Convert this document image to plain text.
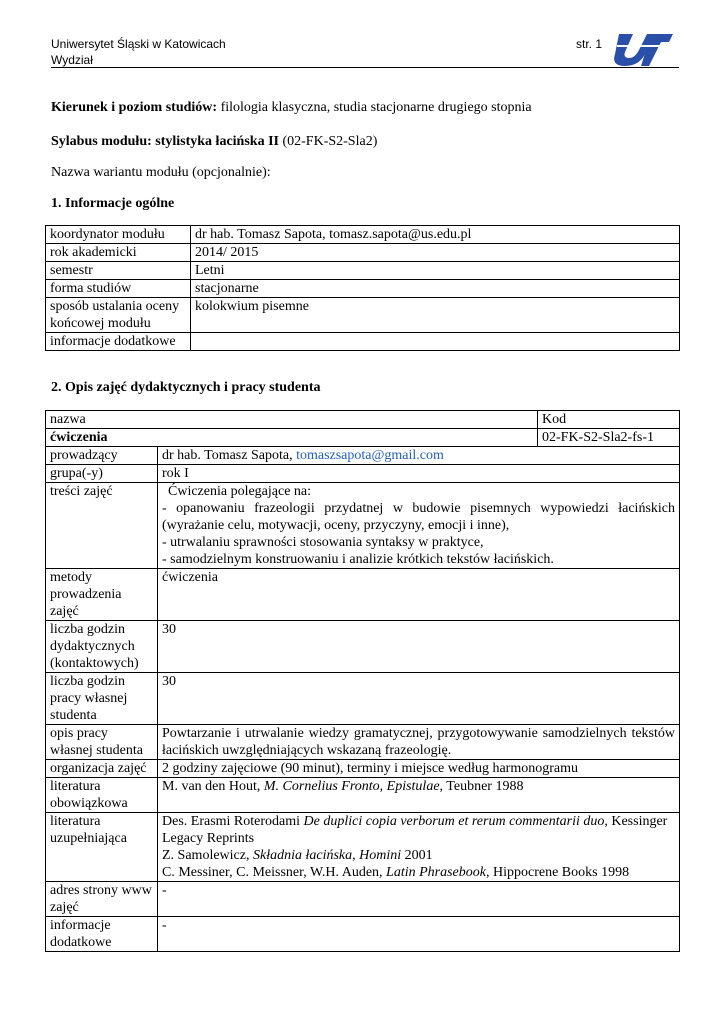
Uniwersytet Śląski w Katowicach
Wydział
str. 1
Kierunek i poziom studiów: filologia klasyczna, studia stacjonarne drugiego stopnia
Sylabus modułu: stylistyka łacińska II (02-FK-S2-Sla2)
Nazwa wariantu modułu (opcjonalnie):
1. Informacje ogólne
koordynator modułu	dr hab. Tomasz Sapota, tomasz.sapota@us.edu.pl
rok akademicki	2014/ 2015
semestr	Letni
forma studiów	stacjonarne
sposób ustalania oceny końcowej modułu	kolokwium pisemne
informacje dodatkowe	
2. Opis zajęć dydaktycznych i pracy studenta
nazwa	Kod
ćwiczenia	02-FK-S2-Sla2-fs-1
prowadzący	dr hab. Tomasz Sapota, tomaszsapota@gmail.com
grupa(-y)	rok I
treści zajęć	Ćwiczenia polegające na:
- opanowaniu frazeologii przydatnej w budowie pisemnych wypowiedzi łacińskich (wyrażanie celu, motywacji, oceny, przyczyny, emocji i inne),
- utrwalaniu sprawności stosowania syntaksy w praktyce,
- samodzielnym konstruowaniu i analizie krótkich tekstów łacińskich.

metody prowadzenia zajęć	ćwiczenia
liczba godzin dydaktycznych (kontaktowych)	30
liczba godzin pracy własnej studenta	30
opis pracy własnej studenta	Powtarzanie i utrwalanie wiedzy gramatycznej, przygotowywanie samodzielnych tekstów łacińskich uwzględniających wskazaną frazeologię.
organizacja zajęć	2 godziny zajęciowe (90 minut), terminy i miejsce według harmonogramu
literatura obowiązkowa	M. van den Hout, M. Cornelius Fronto, Epistulae, Teubner 1988
literatura uzupełniająca	Des. Erasmi Roterodami De duplici copia verborum et rerum commentarii duo, Kessinger Legacy Reprints
Z. Samolewicz, Składnia łacińska, Homini 2001
C. Messiner, C. Meissner, W.H. Auden, Latin Phrasebook, Hippocrene Books 1998

adres strony www zajęć	-
informacje dodatkowe	-
